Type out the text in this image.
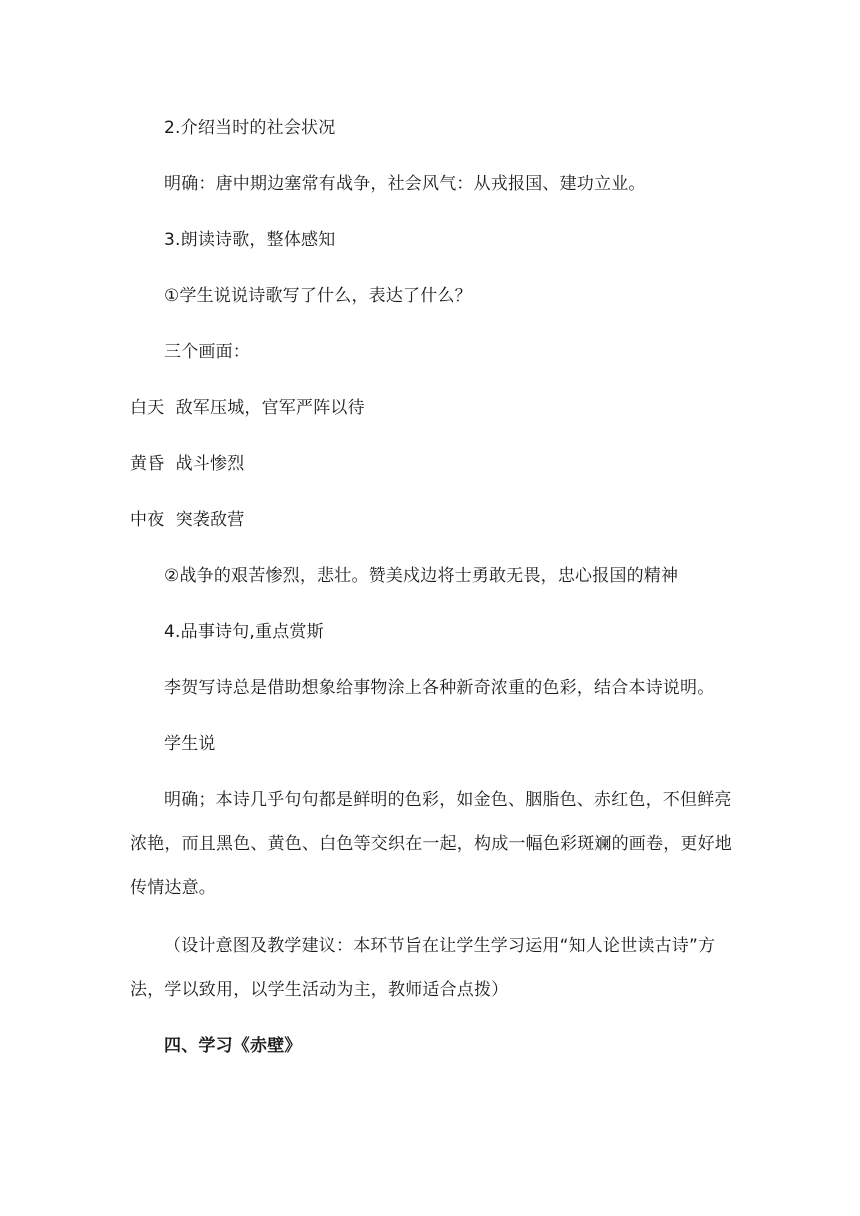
2.介绍当时的社会状况

明确：唐中期边塞常有战争，社会风气：从戎报国、建功立业。

3.朗读诗歌，整体感知

①学生说说诗歌写了什么，表达了什么？

三个画面：

白天  敌军压城，官军严阵以待

黄昏  战斗惨烈

中夜  突袭敌营

②战争的艰苦惨烈，悲壮。赞美戍边将士勇敢无畏，忠心报国的精神

4.品事诗句,重点赏斯

李贺写诗总是借助想象给事物涂上各种新奇浓重的色彩，结合本诗说明。

学生说

明确；本诗几乎句句都是鲜明的色彩，如金色、胭脂色、赤红色，不但鲜亮

浓艳，而且黑色、黄色、白色等交织在一起，构成一幅色彩斑斓的画卷，更好地

传情达意。

（设计意图及教学建议：本环节旨在让学生学习运用“知人论世读古诗”方

法，学以致用，以学生活动为主，教师适合点拨）

四、学习《赤壁》
